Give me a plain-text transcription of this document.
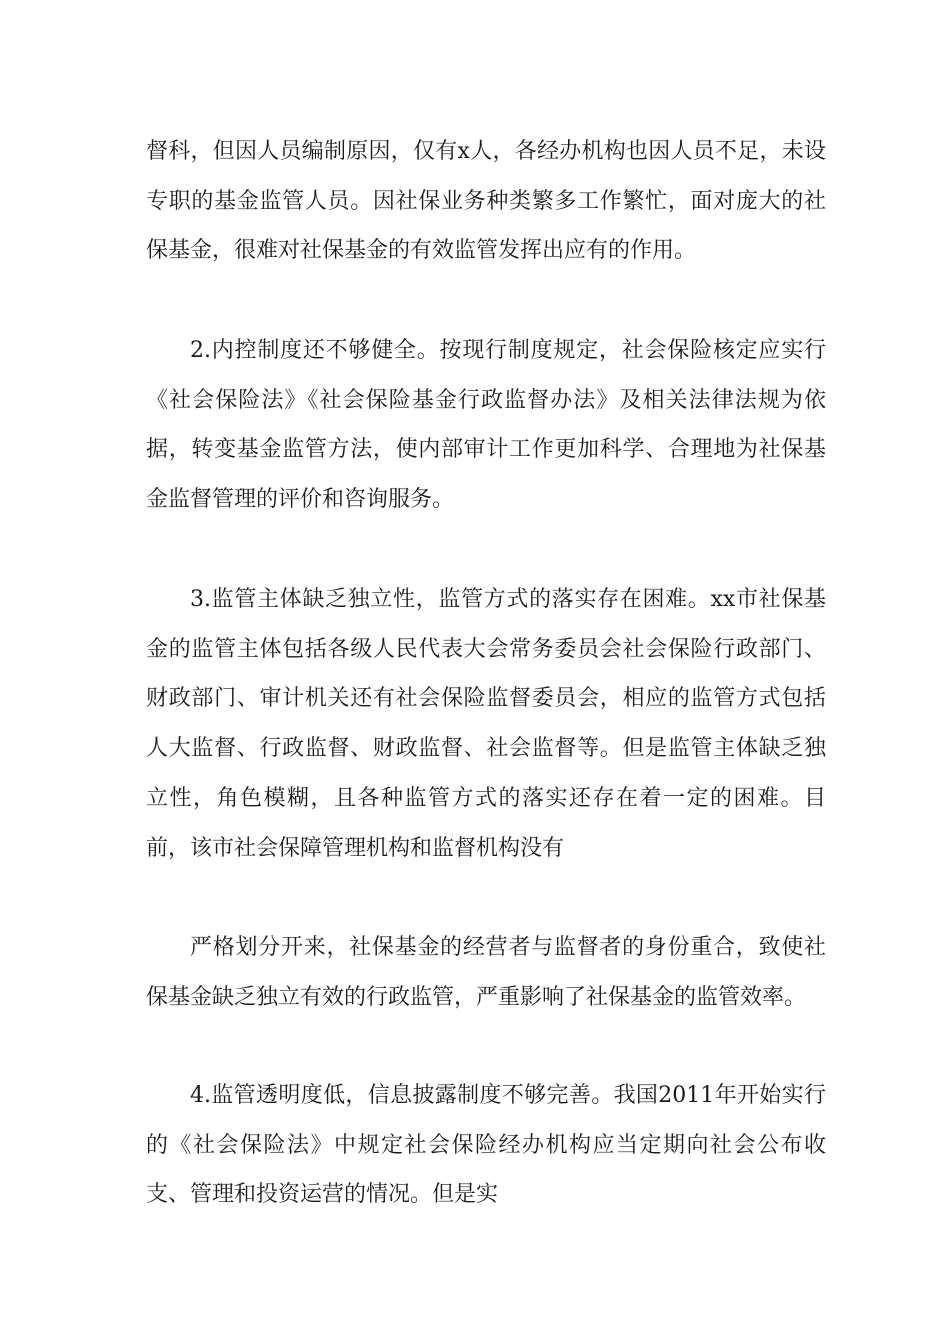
督科，但因人员编制原因，仅有x人，各经办机构也因人员不足，未设专职的基金监管人员。因社保业务种类繁多工作繁忙，面对庞大的社保基金，很难对社保基金的有效监管发挥出应有的作用。

2.内控制度还不够健全。按现行制度规定，社会保险核定应实行《社会保险法》《社会保险基金行政监督办法》及相关法律法规为依据，转变基金监管方法，使内部审计工作更加科学、合理地为社保基金监督管理的评价和咨询服务。

3.监管主体缺乏独立性，监管方式的落实存在困难。xx市社保基金的监管主体包括各级人民代表大会常务委员会社会保险行政部门、财政部门、审计机关还有社会保险监督委员会，相应的监管方式包括人大监督、行政监督、财政监督、社会监督等。但是监管主体缺乏独立性，角色模糊，且各种监管方式的落实还存在着一定的困难。目前，该市社会保障管理机构和监督机构没有

严格划分开来，社保基金的经营者与监督者的身份重合，致使社保基金缺乏独立有效的行政监管，严重影响了社保基金的监管效率。

4.监管透明度低，信息披露制度不够完善。我国2011年开始实行的《社会保险法》中规定社会保险经办机构应当定期向社会公布收支、管理和投资运营的情况。但是实
